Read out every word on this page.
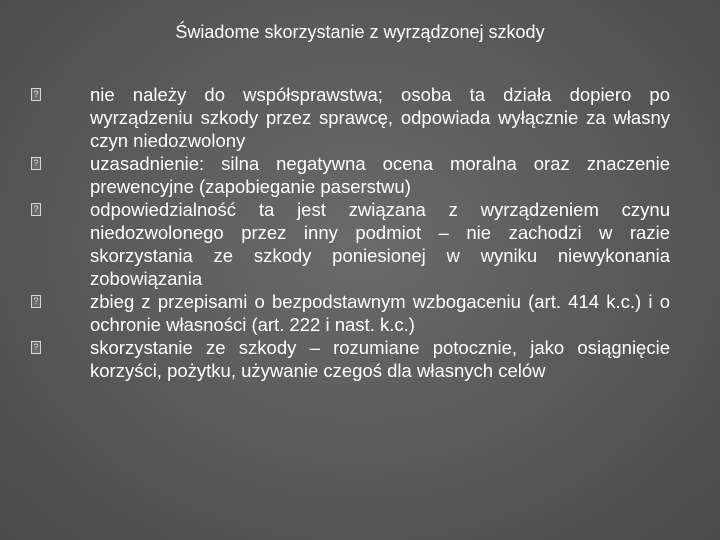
Świadome skorzystanie z wyrządzonej szkody
?	nie należy do współsprawstwa; osoba ta działa dopiero po wyrządzeniu szkody przez sprawcę, odpowiada wyłącznie za własny czyn niedozwolony
?	uzasadnienie: silna negatywna ocena moralna oraz znaczenie prewencyjne (zapobieganie paserstwu)
?	odpowiedzialność ta jest związana z wyrządzeniem czynu niedozwolonego przez inny podmiot – nie zachodzi w razie skorzystania ze szkody poniesionej w wyniku niewykonania zobowiązania
?	zbieg z przepisami o bezpodstawnym wzbogaceniu (art. 414 k.c.) i o ochronie własności (art. 222 i nast. k.c.)
?	skorzystanie ze szkody – rozumiane potocznie, jako osiągnięcie korzyści, pożytku, używanie czegoś dla własnych celów
